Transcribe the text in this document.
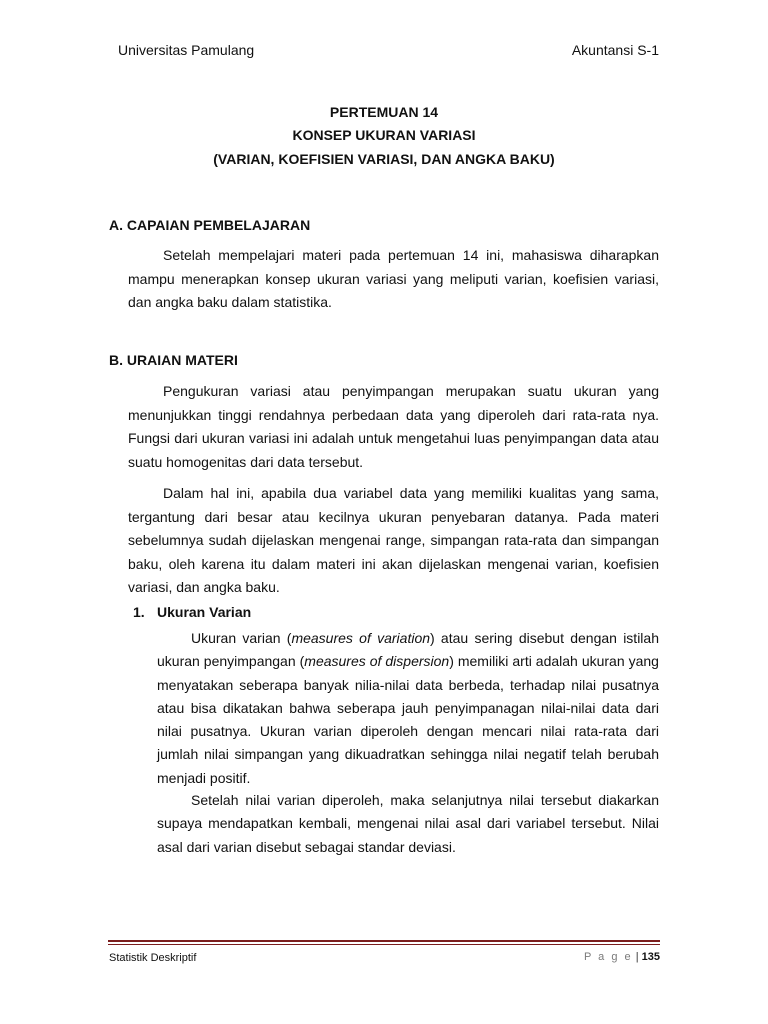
Universitas Pamulang	Akuntansi S-1
PERTEMUAN 14
KONSEP UKURAN VARIASI
(VARIAN, KOEFISIEN VARIASI, DAN ANGKA BAKU)
A. CAPAIAN PEMBELAJARAN

Setelah mempelajari materi pada pertemuan 14 ini, mahasiswa diharapkan mampu menerapkan konsep ukuran variasi yang meliputi varian, koefisien variasi, dan angka baku dalam statistika.

B. URAIAN MATERI

Pengukuran variasi atau penyimpangan merupakan suatu ukuran yang menunjukkan tinggi rendahnya perbedaan data yang diperoleh dari rata-rata nya. Fungsi dari ukuran variasi ini adalah untuk mengetahui luas penyimpangan data atau suatu homogenitas dari data tersebut.

Dalam hal ini, apabila dua variabel data yang memiliki kualitas yang sama, tergantung dari besar atau kecilnya ukuran penyebaran datanya. Pada materi sebelumnya sudah dijelaskan mengenai range, simpangan rata-rata dan simpangan baku, oleh karena itu dalam materi ini akan dijelaskan mengenai varian, koefisien variasi, dan angka baku.

1. Ukuran Varian

Ukuran varian (measures of variation) atau sering disebut dengan istilah ukuran penyimpangan (measures of dispersion) memiliki arti adalah ukuran yang menyatakan seberapa banyak nilia-nilai data berbeda, terhadap nilai pusatnya atau bisa dikatakan bahwa seberapa jauh penyimpanagan nilai-nilai data dari nilai pusatnya. Ukuran varian diperoleh dengan mencari nilai rata-rata dari jumlah nilai simpangan yang dikuadratkan sehingga nilai negatif telah berubah menjadi positif.

Setelah nilai varian diperoleh, maka selanjutnya nilai tersebut diakarkan supaya mendapatkan kembali, mengenai nilai asal dari variabel tersebut. Nilai asal dari varian disebut sebagai standar deviasi.

Statistik Deskriptif	P a g e | 135
